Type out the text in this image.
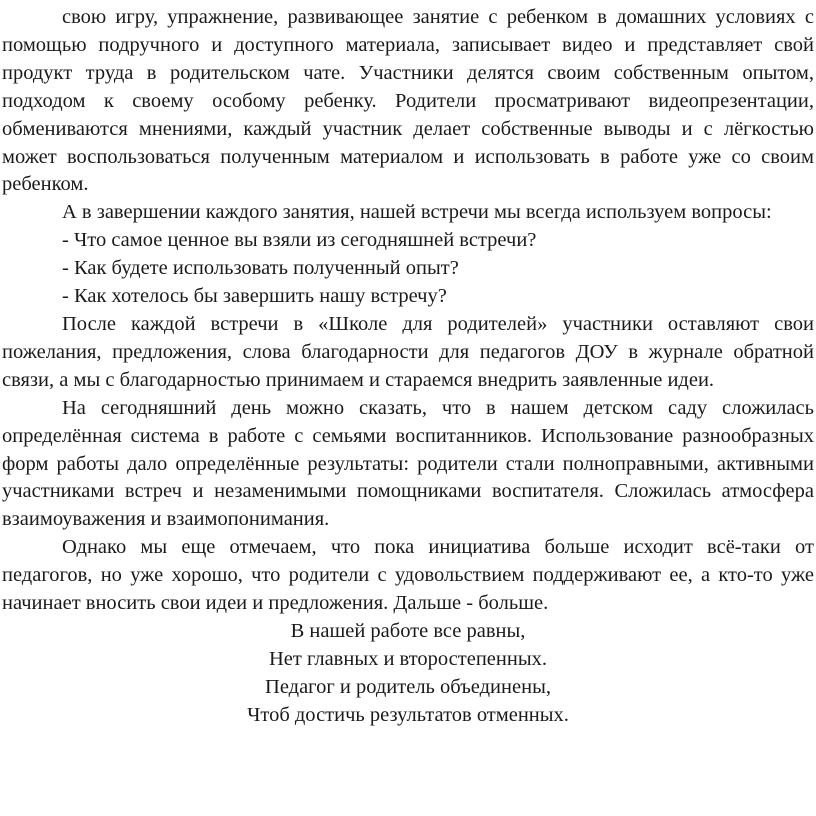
свою игру, упражнение, развивающее занятие с ребенком в домашних условиях с помощью подручного и доступного материала, записывает видео и представляет свой продукт труда в родительском чате. Участники делятся своим собственным опытом, подходом к своему особому ребенку. Родители просматривают видеопрезентации, обмениваются мнениями, каждый участник делает собственные выводы и с лёгкостью может воспользоваться полученным материалом и использовать в работе уже со своим ребенком.

А в завершении каждого занятия, нашей встречи мы всегда используем вопросы:

- Что самое ценное вы взяли из сегодняшней встречи?

- Как будете использовать полученный опыт?

- Как хотелось бы завершить нашу встречу?

После каждой встречи в «Школе для родителей» участники оставляют свои пожелания, предложения, слова благодарности для педагогов ДОУ в журнале обратной связи, а мы с благодарностью принимаем и стараемся внедрить заявленные идеи.

На сегодняшний день можно сказать, что в нашем детском саду сложилась определённая система в работе с семьями воспитанников. Использование разнообразных форм работы дало определённые результаты: родители стали полноправными, активными участниками встреч и незаменимыми помощниками воспитателя. Сложилась атмосфера взаимоуважения и взаимопонимания.

Однако мы еще отмечаем, что пока инициатива больше исходит всё-таки от педагогов, но уже хорошо, что родители с удовольствием поддерживают ее, а кто-то уже начинает вносить свои идеи и предложения. Дальше - больше.

В нашей работе все равны,
Нет главных и второстепенных.
Педагог и родитель объединены,
Чтоб достичь результатов отменных.
